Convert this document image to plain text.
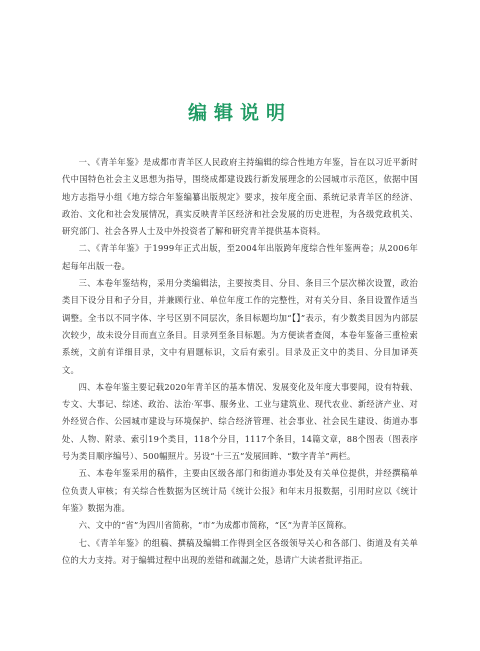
编辑说明

一、《青羊年鉴》是成都市青羊区人民政府主持编辑的综合性地方年鉴，旨在以习近平新时代中国特色社会主义思想为指导，围绕成都建设践行新发展理念的公园城市示范区，依据中国地方志指导小组《地方综合年鉴编纂出版规定》要求，按年度全面、系统记录青羊区的经济、政治、文化和社会发展情况，真实反映青羊区经济和社会发展的历史进程，为各级党政机关、研究部门、社会各界人士及中外投资者了解和研究青羊提供基本资料。

二、《青羊年鉴》于1999年正式出版，至2004年出版跨年度综合性年鉴两卷；从2006年起每年出版一卷。

三、本卷年鉴结构，采用分类编辑法，主要按类目、分目、条目三个层次梯次设置，政治类目下设分目和子分目，并兼顾行业、单位年度工作的完整性，对有关分目、条目设置作适当调整。全书以不同字体、字号区别不同层次，条目标题均加“【】”表示，有少数类目因为内部层次较少，故未设分目而直立条目。目录列至条目标题。为方便读者查阅，本卷年鉴备三重检索系统，文前有详细目录，文中有眉题标识，文后有索引。目录及正文中的类目、分目加译英文。

四、本卷年鉴主要记载2020年青羊区的基本情况、发展变化及年度大事要闻，设有特载、专文、大事记、综述、政治、法治·军事、服务业、工业与建筑业、现代农业、新经济产业、对外经贸合作、公园城市建设与环境保护、综合经济管理、社会事业、社会民生建设、街道办事处、人物、附录、索引19个类目，118个分目，1117个条目，14篇文章，88个图表（图表序号为类目顺序编号）、500幅照片。另设“十三五”发展回眸、“数字青羊”两栏。

五、本卷年鉴采用的稿件，主要由区级各部门和街道办事处及有关单位提供，并经撰稿单位负责人审核；有关综合性数据为区统计局《统计公报》和年末月报数据，引用时应以《统计年鉴》数据为准。

六、文中的“省”为四川省简称，“市”为成都市简称，“区”为青羊区简称。

七、《青羊年鉴》的组稿、撰稿及编辑工作得到全区各级领导关心和各部门、街道及有关单位的大力支持。对于编辑过程中出现的差错和疏漏之处，恳请广大读者批评指正。
